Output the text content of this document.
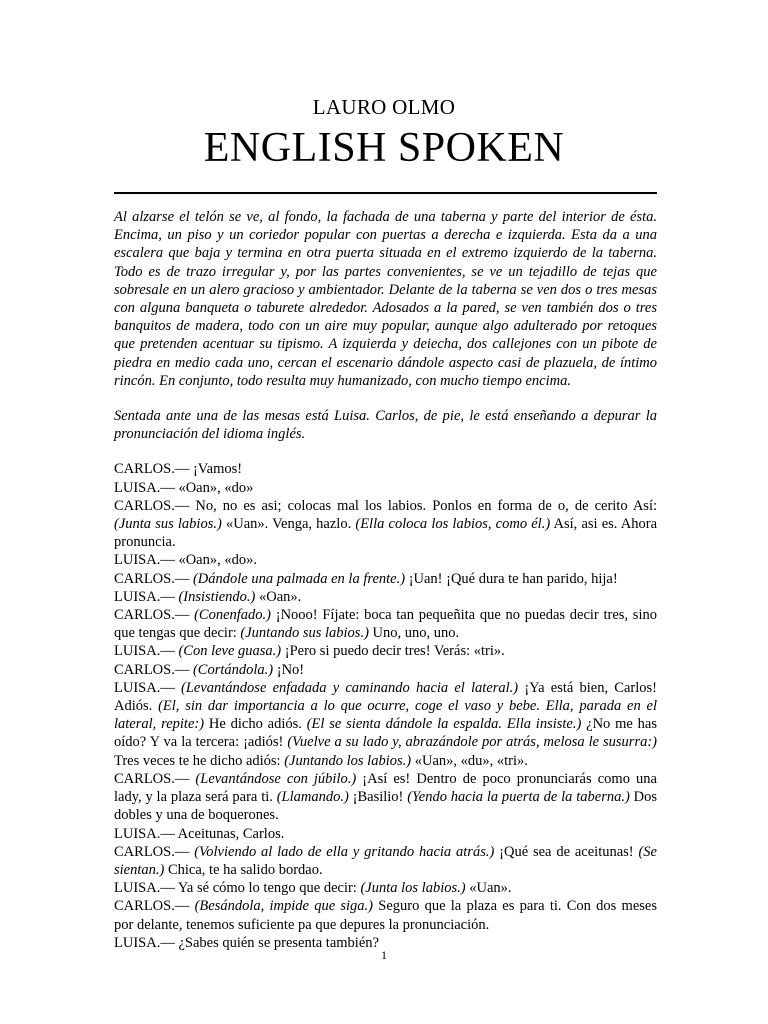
LAURO OLMO
ENGLISH SPOKEN

Al alzarse el telón se ve, al fondo, la fachada de una taberna y parte del interior de ésta. Encima, un piso y un coriedor popular con puertas a derecha e izquierda. Esta da a una escalera que baja y termina en otra puerta situada en el extremo izquierdo de la taberna. Todo es de trazo irregular y, por las partes convenientes, se ve un tejadillo de tejas que sobresale en un alero gracioso y ambientador. Delante de la taberna se ven dos o tres mesas con alguna banqueta o taburete alrededor. Adosados a la pared, se ven también dos o tres banquitos de madera, todo con un aire muy popular, aunque algo adulterado por retoques que pretenden acentuar su tipismo. A izquierda y deiecha, dos callejones con un pibote de piedra en medio cada uno, cercan el escenario dándole aspecto casi de plazuela, de íntimo rincón. En conjunto, todo resulta muy humanizado, con mucho tiempo encima.

Sentada ante una de las mesas está Luisa. Carlos, de pie, le está enseñando a depurar la pronunciación del idioma inglés.

CARLOS.— ¡Vamos!

LUISA.— «Oan», «do»

CARLOS.— No, no es asi; colocas mal los labios. Ponlos en forma de o, de cerito Así: (Junta sus labios.) «Uan». Venga, hazlo. (Ella coloca los labios, como él.) Así, asi es. Ahora pronuncia.

LUISA.— «Oan», «do».

CARLOS.— (Dándole una palmada en la frente.) ¡Uan! ¡Qué dura te han parido, hija!

LUISA.— (Insistiendo.) «Oan».

CARLOS.— (Conenfado.) ¡Nooo! Fíjate: boca tan pequeñita que no puedas decir tres, sino que tengas que decir: (Juntando sus labios.) Uno, uno, uno.

LUISA.— (Con leve guasa.) ¡Pero si puedo decir tres! Verás: «tri».

CARLOS.— (Cortándola.) ¡No!

LUISA.— (Levantándose enfadada y caminando hacia el lateral.) ¡Ya está bien, Carlos! Adiós. (El, sin dar importancia a lo que ocurre, coge el vaso y bebe. Ella, parada en el lateral, repite:) He dicho adiós. (El se sienta dándole la espalda. Ella insiste.) ¿No me has oído? Y va la tercera: ¡adiós! (Vuelve a su lado y, abrazándole por atrás, melosa le susurra:) Tres veces te he dicho adiós: (Juntando los labios.) «Uan», «du», «tri».

CARLOS.— (Levantándose con júbilo.) ¡Así es! Dentro de poco pronunciarás como una lady, y la plaza será para ti. (Llamando.) ¡Basilio! (Yendo hacia la puerta de la taberna.) Dos dobles y una de boquerones.

LUISA.— Aceitunas, Carlos.

CARLOS.— (Volviendo al lado de ella y gritando hacia atrás.) ¡Qué sea de aceitunas! (Se sientan.) Chica, te ha salido bordao.

LUISA.— Ya sé cómo lo tengo que decir: (Junta los labios.) «Uan».

CARLOS.— (Besándola, impide que siga.) Seguro que la plaza es para ti. Con dos meses por delante, tenemos suficiente pa que depures la pronunciación.

LUISA.— ¿Sabes quién se presenta también?

1
